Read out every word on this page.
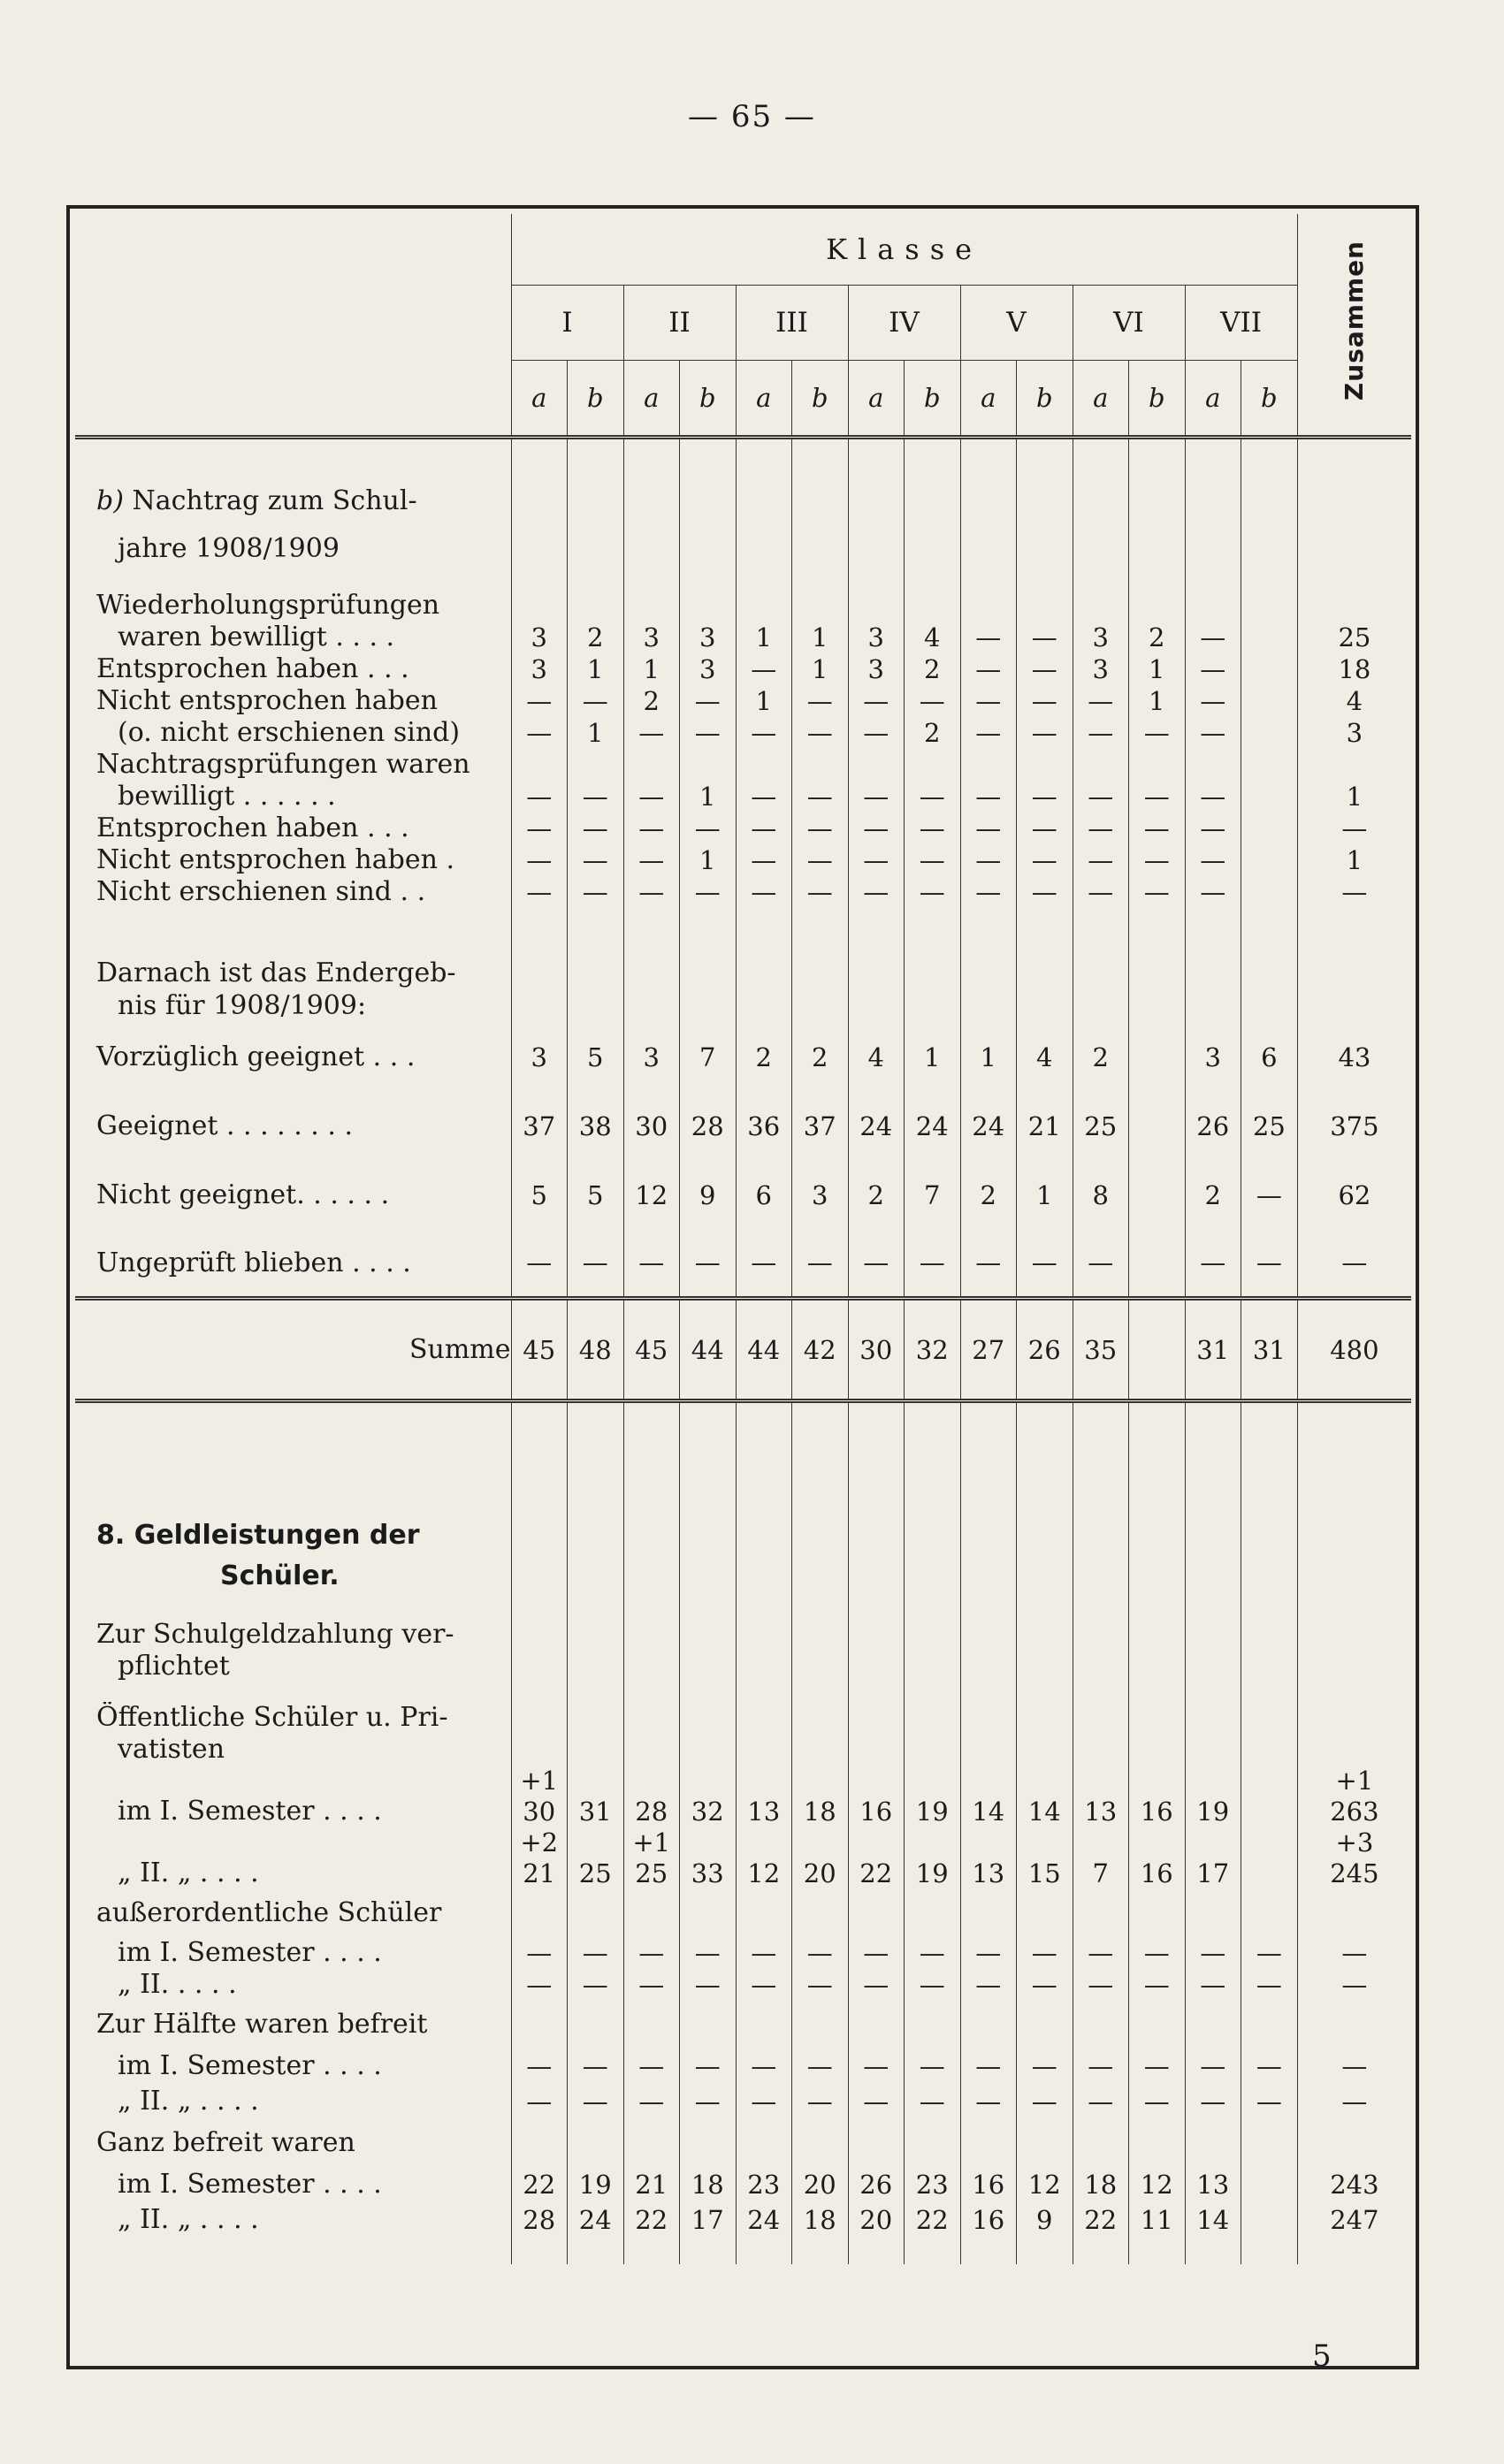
— 65 —
	Klasse														Zusammen
	I		II		III		IV		V		VI		VII		
	a	b	a	b	a	b	a	b	a	b	a	b	a	b	

b) Nachtrag zum Schul-															
jahre 1908/1909															

Wiederholungsprüfungen															
waren bewilligt . . . .	3	2	3	3	1	1	3	4	—	—	3	2	—		25
Entsprochen haben . . .	3	1	1	3	—	1	3	2	—	—	3	1	—		18
Nicht entsprochen haben	—	—	2	—	1	—	—	—	—	—	—	1	—		4
(o. nicht erschienen sind)	—	1	—	—	—	—	—	2	—	—	—	—	—		3
Nachtragsprüfungen waren															
bewilligt . . . . . .	—	—	—	1	—	—	—	—	—	—	—	—	—		1
Entsprochen haben . . .	—	—	—	—	—	—	—	—	—	—	—	—	—		—
Nicht entsprochen haben .	—	—	—	1	—	—	—	—	—	—	—	—	—		1
Nicht erschienen sind . .	—	—	—	—	—	—	—	—	—	—	—	—	—		—

Darnach ist das Endergeb-															
nis für 1908/1909:															
Vorzüglich geeignet . . .	3	5	3	7	2	2	4	1	1	4	2		3	6	43
Geeignet . . . . . . . .	37	38	30	28	36	37	24	24	24	21	25		26	25	375
Nicht geeignet. . . . . .	5	5	12	9	6	3	2	7	2	1	8		2	—	62
Ungeprüft blieben . . . .	—	—	—	—	—	—	—	—	—	—	—		—	—	—
Summe	45	48	45	44	44	42	30	32	27	26	35		31	31	480

8. Geldleistungen der															
Schüler.															

Zur Schulgeldzahlung ver-															
pflichtet															

Öffentliche Schüler u. Pri-															
vatisten															
	+1														+1
im I. Semester . . . .	30	31	28	32	13	18	16	19	14	14	13	16	19		263
	+2		+1												+3
„ II. „ . . . .	21	25	25	33	12	20	22	19	13	15	7	16	17		245
außerordentliche Schüler															
im I. Semester . . . .	—	—	—	—	—	—	—	—	—	—	—	—	—	—	—
„ II. . . . .	—	—	—	—	—	—	—	—	—	—	—	—	—	—	—
Zur Hälfte waren befreit															
im I. Semester . . . .	—	—	—	—	—	—	—	—	—	—	—	—	—	—	—
„ II. „ . . . .	—	—	—	—	—	—	—	—	—	—	—	—	—	—	—
Ganz befreit waren															
im I. Semester . . . .	22	19	21	18	23	20	26	23	16	12	18	12	13		243
„ II. „ . . . .	28	24	22	17	24	18	20	22	16	9	22	11	14		247

5
